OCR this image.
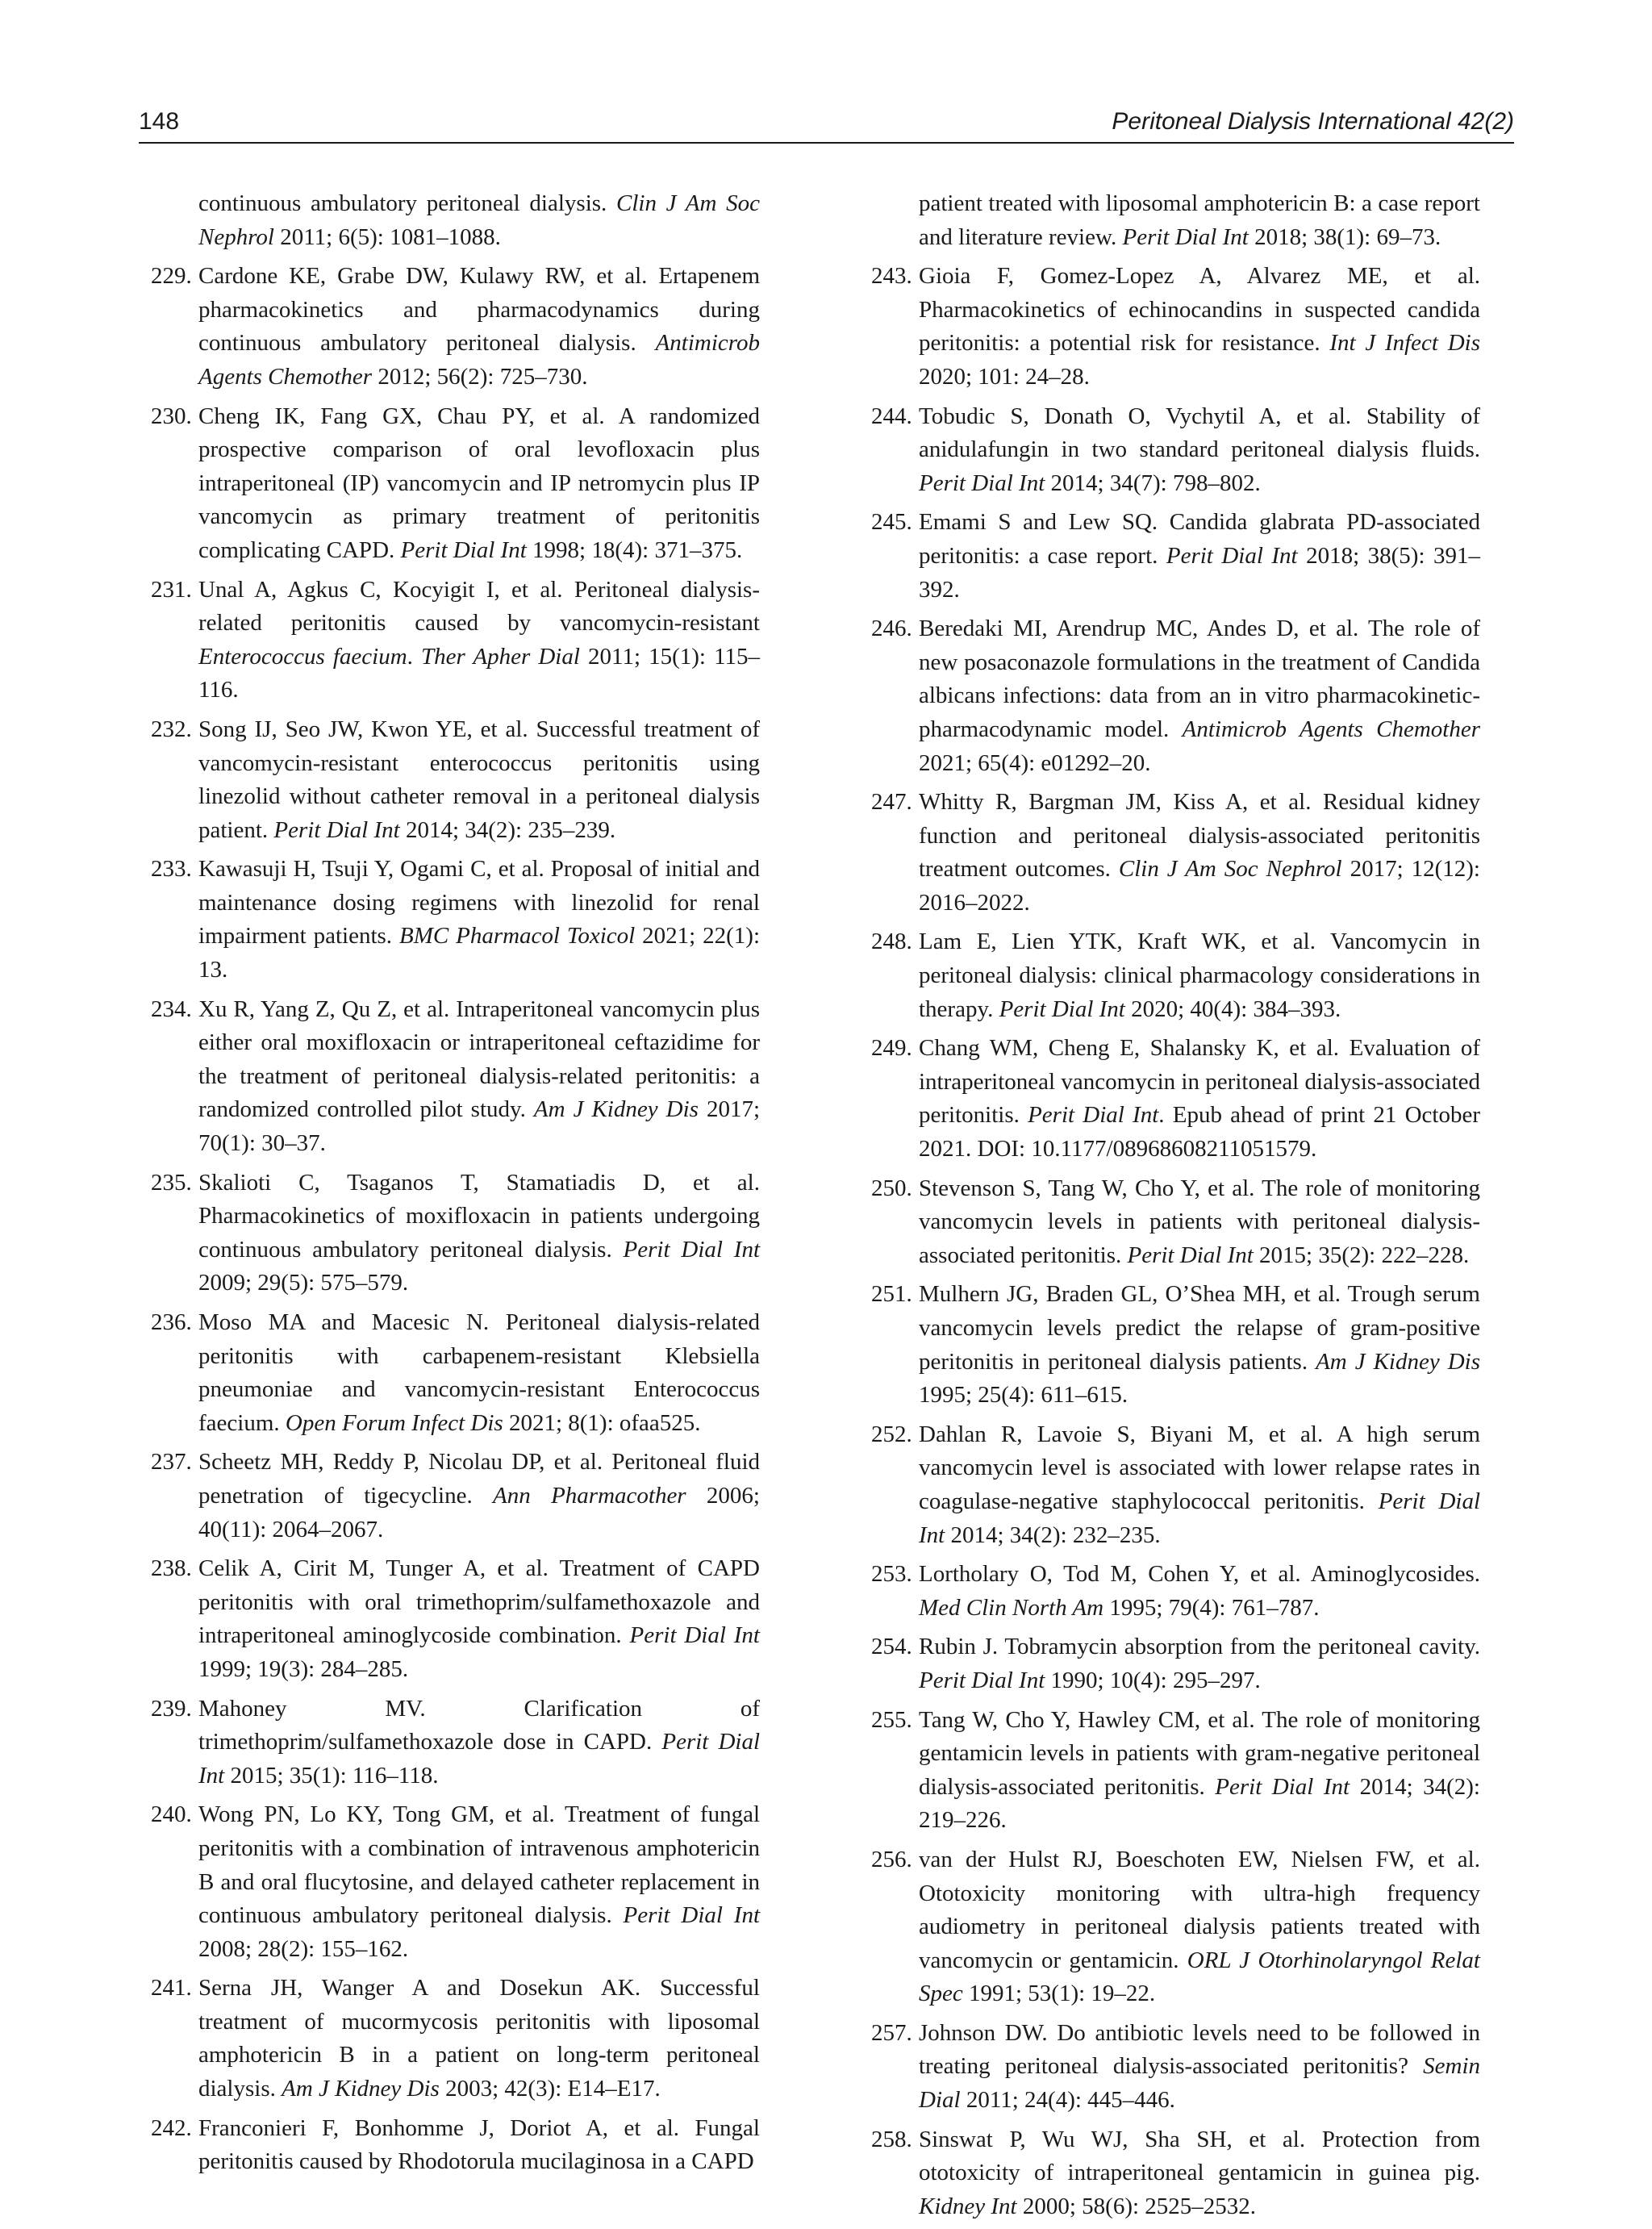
148	Peritoneal Dialysis International 42(2)
continuous ambulatory peritoneal dialysis. Clin J Am Soc Nephrol 2011; 6(5): 1081–1088.
229. Cardone KE, Grabe DW, Kulawy RW, et al. Ertapenem pharmacokinetics and pharmacodynamics during continuous ambulatory peritoneal dialysis. Antimicrob Agents Chemother 2012; 56(2): 725–730.
230. Cheng IK, Fang GX, Chau PY, et al. A randomized prospective comparison of oral levofloxacin plus intraperitoneal (IP) vancomycin and IP netromycin plus IP vancomycin as primary treatment of peritonitis complicating CAPD. Perit Dial Int 1998; 18(4): 371–375.
231. Unal A, Agkus C, Kocyigit I, et al. Peritoneal dialysis-related peritonitis caused by vancomycin-resistant Enterococcus faecium. Ther Apher Dial 2011; 15(1): 115–116.
232. Song IJ, Seo JW, Kwon YE, et al. Successful treatment of vancomycin-resistant enterococcus peritonitis using linezolid without catheter removal in a peritoneal dialysis patient. Perit Dial Int 2014; 34(2): 235–239.
233. Kawasuji H, Tsuji Y, Ogami C, et al. Proposal of initial and maintenance dosing regimens with linezolid for renal impairment patients. BMC Pharmacol Toxicol 2021; 22(1): 13.
234. Xu R, Yang Z, Qu Z, et al. Intraperitoneal vancomycin plus either oral moxifloxacin or intraperitoneal ceftazidime for the treatment of peritoneal dialysis-related peritonitis: a randomized controlled pilot study. Am J Kidney Dis 2017; 70(1): 30–37.
235. Skalioti C, Tsaganos T, Stamatiadis D, et al. Pharmacokinetics of moxifloxacin in patients undergoing continuous ambulatory peritoneal dialysis. Perit Dial Int 2009; 29(5): 575–579.
236. Moso MA and Macesic N. Peritoneal dialysis-related peritonitis with carbapenem-resistant Klebsiella pneumoniae and vancomycin-resistant Enterococcus faecium. Open Forum Infect Dis 2021; 8(1): ofaa525.
237. Scheetz MH, Reddy P, Nicolau DP, et al. Peritoneal fluid penetration of tigecycline. Ann Pharmacother 2006; 40(11): 2064–2067.
238. Celik A, Cirit M, Tunger A, et al. Treatment of CAPD peritonitis with oral trimethoprim/sulfamethoxazole and intraperitoneal aminoglycoside combination. Perit Dial Int 1999; 19(3): 284–285.
239. Mahoney MV. Clarification of trimethoprim/sulfamethoxazole dose in CAPD. Perit Dial Int 2015; 35(1): 116–118.
240. Wong PN, Lo KY, Tong GM, et al. Treatment of fungal peritonitis with a combination of intravenous amphotericin B and oral flucytosine, and delayed catheter replacement in continuous ambulatory peritoneal dialysis. Perit Dial Int 2008; 28(2): 155–162.
241. Serna JH, Wanger A and Dosekun AK. Successful treatment of mucormycosis peritonitis with liposomal amphotericin B in a patient on long-term peritoneal dialysis. Am J Kidney Dis 2003; 42(3): E14–E17.
242. Franconieri F, Bonhomme J, Doriot A, et al. Fungal peritonitis caused by Rhodotorula mucilaginosa in a CAPD
patient treated with liposomal amphotericin B: a case report and literature review. Perit Dial Int 2018; 38(1): 69–73.
243. Gioia F, Gomez-Lopez A, Alvarez ME, et al. Pharmacokinetics of echinocandins in suspected candida peritonitis: a potential risk for resistance. Int J Infect Dis 2020; 101: 24–28.
244. Tobudic S, Donath O, Vychytil A, et al. Stability of anidulafungin in two standard peritoneal dialysis fluids. Perit Dial Int 2014; 34(7): 798–802.
245. Emami S and Lew SQ. Candida glabrata PD-associated peritonitis: a case report. Perit Dial Int 2018; 38(5): 391–392.
246. Beredaki MI, Arendrup MC, Andes D, et al. The role of new posaconazole formulations in the treatment of Candida albicans infections: data from an in vitro pharmacokinetic-pharmacodynamic model. Antimicrob Agents Chemother 2021; 65(4): e01292–20.
247. Whitty R, Bargman JM, Kiss A, et al. Residual kidney function and peritoneal dialysis-associated peritonitis treatment outcomes. Clin J Am Soc Nephrol 2017; 12(12): 2016–2022.
248. Lam E, Lien YTK, Kraft WK, et al. Vancomycin in peritoneal dialysis: clinical pharmacology considerations in therapy. Perit Dial Int 2020; 40(4): 384–393.
249. Chang WM, Cheng E, Shalansky K, et al. Evaluation of intraperitoneal vancomycin in peritoneal dialysis-associated peritonitis. Perit Dial Int. Epub ahead of print 21 October 2021. DOI: 10.1177/08968608211051579.
250. Stevenson S, Tang W, Cho Y, et al. The role of monitoring vancomycin levels in patients with peritoneal dialysis-associated peritonitis. Perit Dial Int 2015; 35(2): 222–228.
251. Mulhern JG, Braden GL, O’Shea MH, et al. Trough serum vancomycin levels predict the relapse of gram-positive peritonitis in peritoneal dialysis patients. Am J Kidney Dis 1995; 25(4): 611–615.
252. Dahlan R, Lavoie S, Biyani M, et al. A high serum vancomycin level is associated with lower relapse rates in coagulase-negative staphylococcal peritonitis. Perit Dial Int 2014; 34(2): 232–235.
253. Lortholary O, Tod M, Cohen Y, et al. Aminoglycosides. Med Clin North Am 1995; 79(4): 761–787.
254. Rubin J. Tobramycin absorption from the peritoneal cavity. Perit Dial Int 1990; 10(4): 295–297.
255. Tang W, Cho Y, Hawley CM, et al. The role of monitoring gentamicin levels in patients with gram-negative peritoneal dialysis-associated peritonitis. Perit Dial Int 2014; 34(2): 219–226.
256. van der Hulst RJ, Boeschoten EW, Nielsen FW, et al. Ototoxicity monitoring with ultra-high frequency audiometry in peritoneal dialysis patients treated with vancomycin or gentamicin. ORL J Otorhinolaryngol Relat Spec 1991; 53(1): 19–22.
257. Johnson DW. Do antibiotic levels need to be followed in treating peritoneal dialysis-associated peritonitis? Semin Dial 2011; 24(4): 445–446.
258. Sinswat P, Wu WJ, Sha SH, et al. Protection from ototoxicity of intraperitoneal gentamicin in guinea pig. Kidney Int 2000; 58(6): 2525–2532.
